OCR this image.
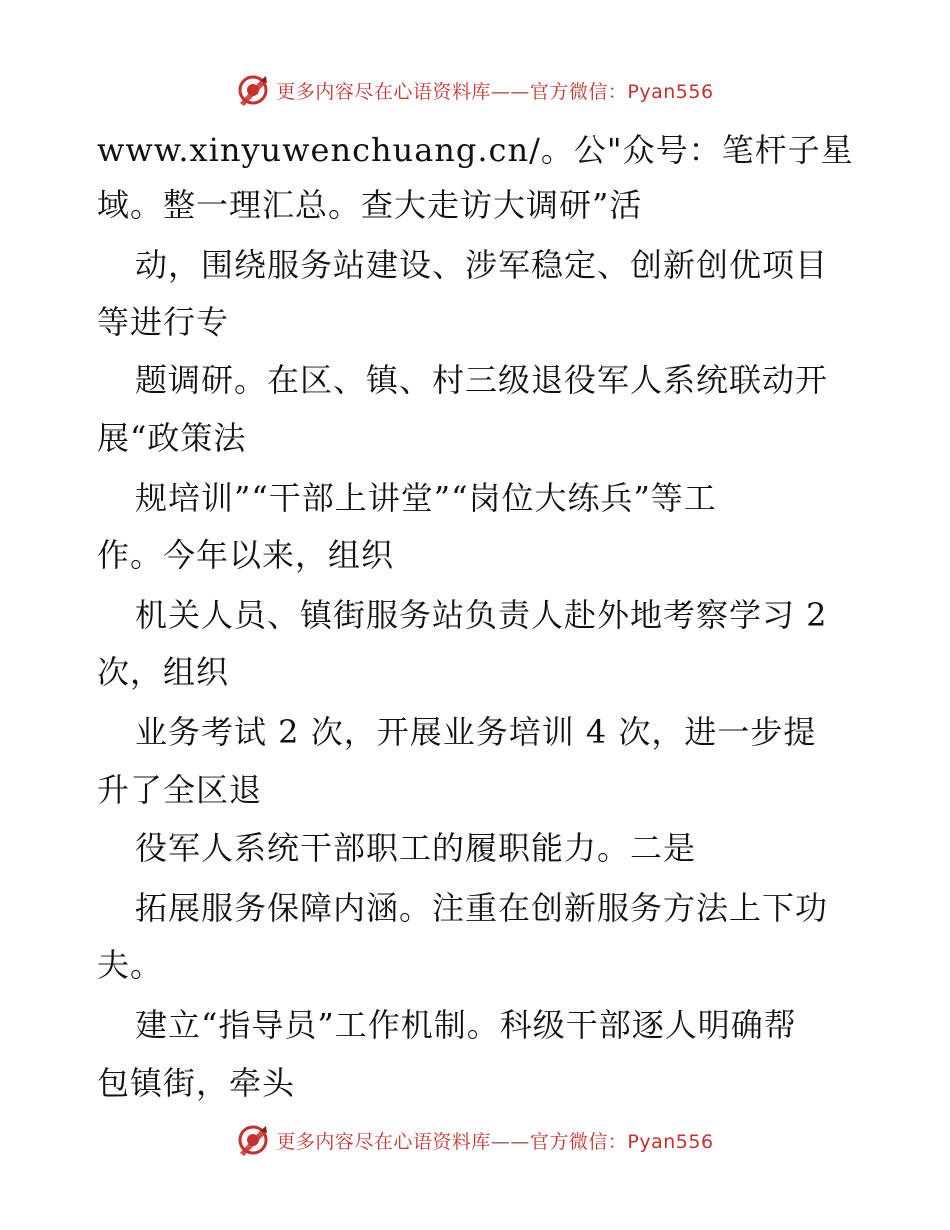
更多内容尽在心语资料库——官方微信：Pyan556
www.xinyuwenchuang.cn/。公"众号：笔杆子星
域。整一理汇总。查大走访大调研”活
动，围绕服务站建设、涉军稳定、创新创优项目
等进行专
题调研。在区、镇、村三级退役军人系统联动开
展“政策法
规培训”“干部上讲堂”“岗位大练兵”等工
作。今年以来，组织
机关人员、镇街服务站负责人赴外地考察学习 2
次，组织
业务考试 2 次，开展业务培训 4 次，进一步提
升了全区退
役军人系统干部职工的履职能力。二是
拓展服务保障内涵。注重在创新服务方法上下功
夫。
建立“指导员”工作机制。科级干部逐人明确帮
包镇街，牵头
更多内容尽在心语资料库——官方微信：Pyan556
